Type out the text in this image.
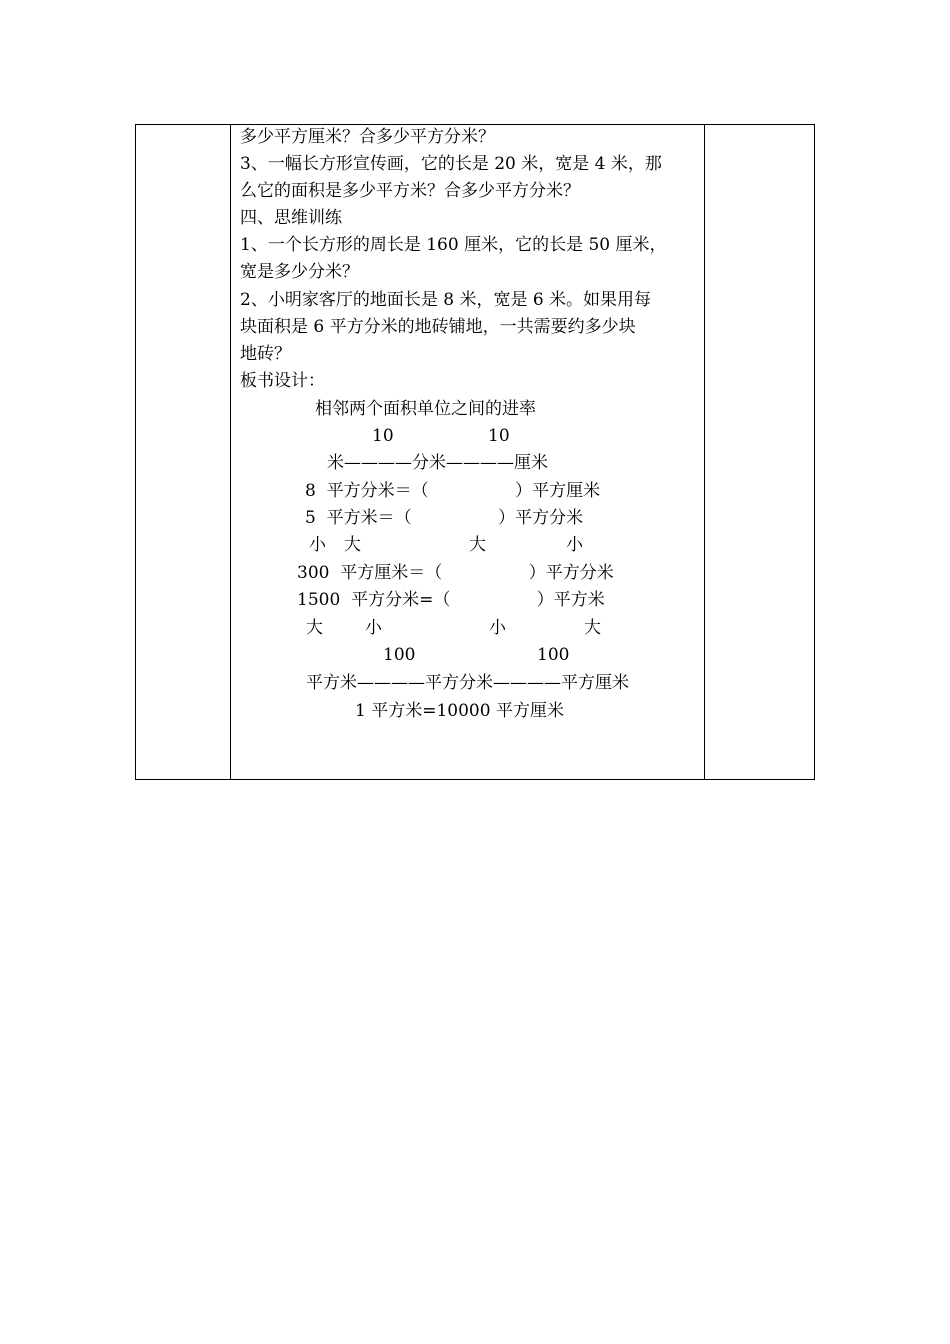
多少平方厘米？合多少平方分米？
3、一幅长方形宣传画，它的长是 20 米，宽是 4 米，那
么它的面积是多少平方米？合多少平方分米？
四、思维训练
1、一个长方形的周长是 160 厘米，它的长是 50 厘米，
宽是多少分米？
2、小明家客厅的地面长是 8 米，宽是 6 米。如果用每
块面积是 6 平方分米的地砖铺地，一共需要约多少块
地砖？
板书设计：
相邻两个面积单位之间的进率
10	10
米————分米————厘米
8  平方分米＝（                ）平方厘米
5  平方米＝（                ）平方分米
小 大	大	小
300  平方厘米＝（                ）平方分米
1500  平方分米=（                ）平方米
大 小	小	大
100	100
平方米————平方分米————平方厘米
1 平方米=10000 平方厘米
